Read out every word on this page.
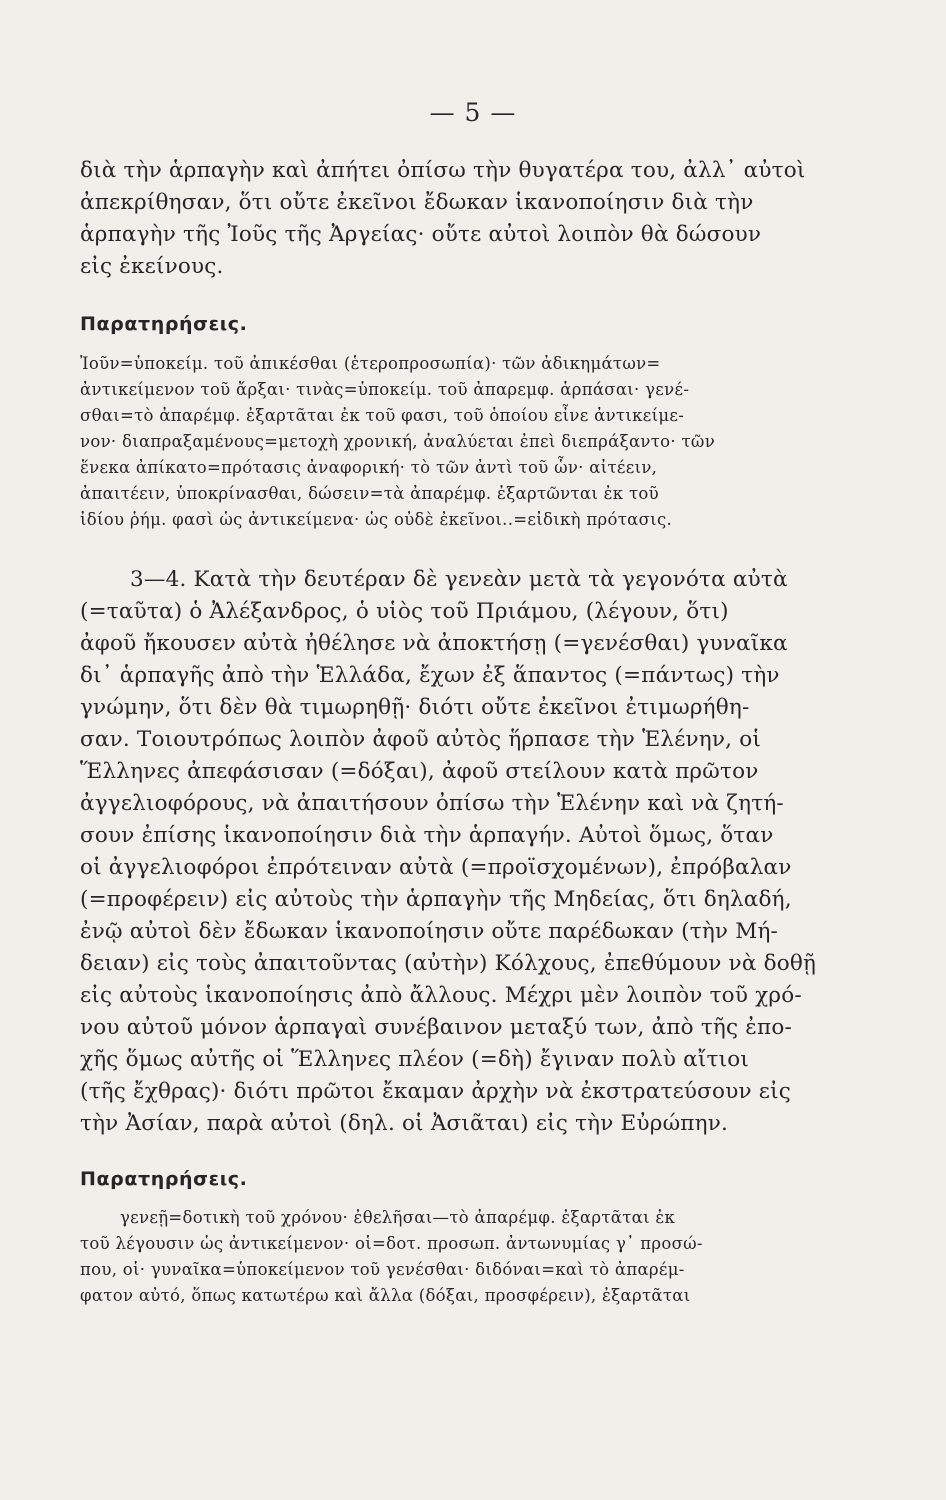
— 5 —
διὰ τὴν ἁρπαγὴν καὶ ἀπήτει ὀπίσω τὴν θυγατέρα του, ἀλλ᾽ αὐτοὶ
ἀπεκρίθησαν, ὅτι οὔτε ἐκεῖνοι ἔδωκαν ἱκανοποίησιν διὰ τὴν
ἁρπαγὴν τῆς Ἰοῦς τῆς Ἀργείας· οὔτε αὐτοὶ λοιπὸν θὰ δώσουν
εἰς ἐκείνους.
Παρατηρήσεις.
Ἰοῦν=ὑποκείμ. τοῦ ἀπικέσθαι (ἑτεροπροσωπία)· τῶν ἀδικημάτων=
ἀντικείμενον τοῦ ἄρξαι· τινὰς=ὑποκείμ. τοῦ ἀπαρεμφ. ἁρπάσαι· γενέ-
σθαι=τὸ ἀπαρέμφ. ἐξαρτᾶται ἐκ τοῦ φασι, τοῦ ὁποίου εἶνε ἀντικείμε-
νον· διαπραξαμένους=μετοχὴ χρονική, ἀναλύεται ἐπεὶ διεπράξαντο· τῶν
ἕνεκα ἀπίκατο=πρότασις ἀναφορική· τὸ τῶν ἀντὶ τοῦ ὧν· αἰτέειν,
ἀπαιτέειν, ὑποκρίνασθαι, δώσειν=τὰ ἀπαρέμφ. ἐξαρτῶνται ἐκ τοῦ
ἰδίου ῥήμ. φασὶ ὡς ἀντικείμενα· ὡς οὐδὲ ἐκεῖνοι..=εἰδικὴ πρότασις.
3—4. Κατὰ τὴν δευτέραν δὲ γενεὰν μετὰ τὰ γεγονότα αὐτὰ
(=ταῦτα) ὁ Ἀλέξανδρος, ὁ υἱὸς τοῦ Πριάμου, (λέγουν, ὅτι)
ἀφοῦ ἤκουσεν αὐτὰ ἠθέλησε νὰ ἀποκτήσῃ (=γενέσθαι) γυναῖκα
δι᾽ ἁρπαγῆς ἀπὸ τὴν Ἑλλάδα, ἔχων ἐξ ἅπαντος (=πάντως) τὴν
γνώμην, ὅτι δὲν θὰ τιμωρηθῇ· διότι οὔτε ἐκεῖνοι ἐτιμωρήθη-
σαν. Τοιουτρόπως λοιπὸν ἀφοῦ αὐτὸς ἥρπασε τὴν Ἑλένην, οἱ
Ἕλληνες ἀπεφάσισαν (=δόξαι), ἀφοῦ στείλουν κατὰ πρῶτον
ἀγγελιοφόρους, νὰ ἀπαιτήσουν ὀπίσω τὴν Ἑλένην καὶ νὰ ζητή-
σουν ἐπίσης ἱκανοποίησιν διὰ τὴν ἁρπαγήν. Αὐτοὶ ὅμως, ὅταν
οἱ ἀγγελιοφόροι ἐπρότειναν αὐτὰ (=προϊσχομένων), ἐπρόβαλαν
(=προφέρειν) εἰς αὐτοὺς τὴν ἁρπαγὴν τῆς Μηδείας, ὅτι δηλαδή,
ἐνῷ αὐτοὶ δὲν ἔδωκαν ἱκανοποίησιν οὔτε παρέδωκαν (τὴν Μή-
δειαν) εἰς τοὺς ἀπαιτοῦντας (αὐτὴν) Κόλχους, ἐπεθύμουν νὰ δοθῇ
εἰς αὐτοὺς ἱκανοποίησις ἀπὸ ἄλλους. Μέχρι μὲν λοιπὸν τοῦ χρό-
νου αὐτοῦ μόνον ἁρπαγαὶ συνέβαινον μεταξύ των, ἀπὸ τῆς ἐπο-
χῆς ὅμως αὐτῆς οἱ Ἕλληνες πλέον (=δὴ) ἔγιναν πολὺ αἴτιοι
(τῆς ἔχθρας)· διότι πρῶτοι ἔκαμαν ἀρχὴν νὰ ἐκστρατεύσουν εἰς
τὴν Ἀσίαν, παρὰ αὐτοὶ (δηλ. οἱ Ἀσιᾶται) εἰς τὴν Εὐρώπην.
Παρατηρήσεις.
γενεῇ=δοτικὴ τοῦ χρόνου· ἐθελῆσαι—τὸ ἀπαρέμφ. ἐξαρτᾶται ἐκ
τοῦ λέγουσιν ὡς ἀντικείμενον· οἱ=δοτ. προσωπ. ἀντωνυμίας γ᾽ προσώ-
που, οἱ· γυναῖκα=ὑποκείμενον τοῦ γενέσθαι· διδόναι=καὶ τὸ ἀπαρέμ-
φατον αὐτό, ὅπως κατωτέρω καὶ ἄλλα (δόξαι, προσφέρειν), ἐξαρτᾶται
